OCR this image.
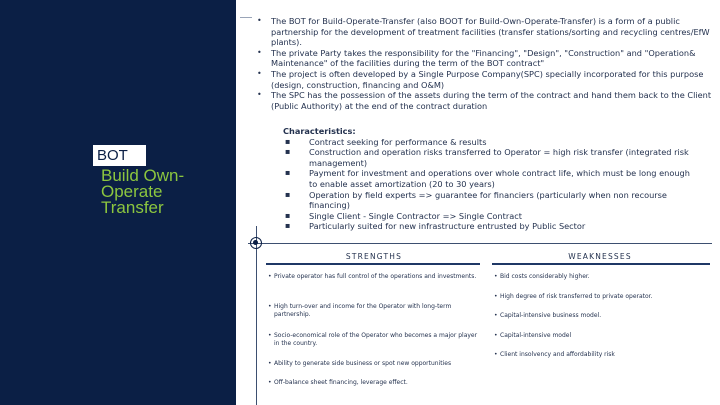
BOT
Build Own-
Operate
Transfer
• The BOT for Build-Operate-Transfer (also BOOT for Build-Own-Operate-Transfer) is a form of a public partnership for the development of treatment facilities (transfer stations/sorting and recycling centres/EfW plants).
• The private Party takes the responsibility for the "Financing", "Design", "Construction" and "Operation& Maintenance" of the facilities during the term of the BOT contract"
• The project is often developed by a Single Purpose Company(SPC) specially incorporated for this purpose (design, construction, financing and O&M)
• The SPC has the possession of the assets during the term of the contract and hand them back to the Client (Public Authority) at the end of the contract duration
Characteristics:
▪ Contract seeking for performance & results
▪ Construction and operation risks transferred to Operator = high risk transfer (integrated risk management)
▪ Payment for investment and operations over whole contract life, which must be long enough to enable asset amortization (20 to 30 years)
▪ Operation by field experts => guarantee for financiers (particularly when non recourse financing)
▪ Single Client - Single Contractor => Single Contract
▪ Particularly suited for new infrastructure entrusted by Public Sector
STRENGTHS	WEAKNESSES
• Private operator has full control of the operations and investments.
• High turn-over and income for the Operator with long-term partnership.
• Socio-economical role of the Operator who becomes a major player in the country.
• Ability to generate side business or spot new opportunities
• Off-balance sheet financing, leverage effect.
• Bid costs considerably higher.
• High degree of risk transferred to private operator.
• Capital-intensive business model.
• Capital-intensive model
• Client insolvency and affordability risk
